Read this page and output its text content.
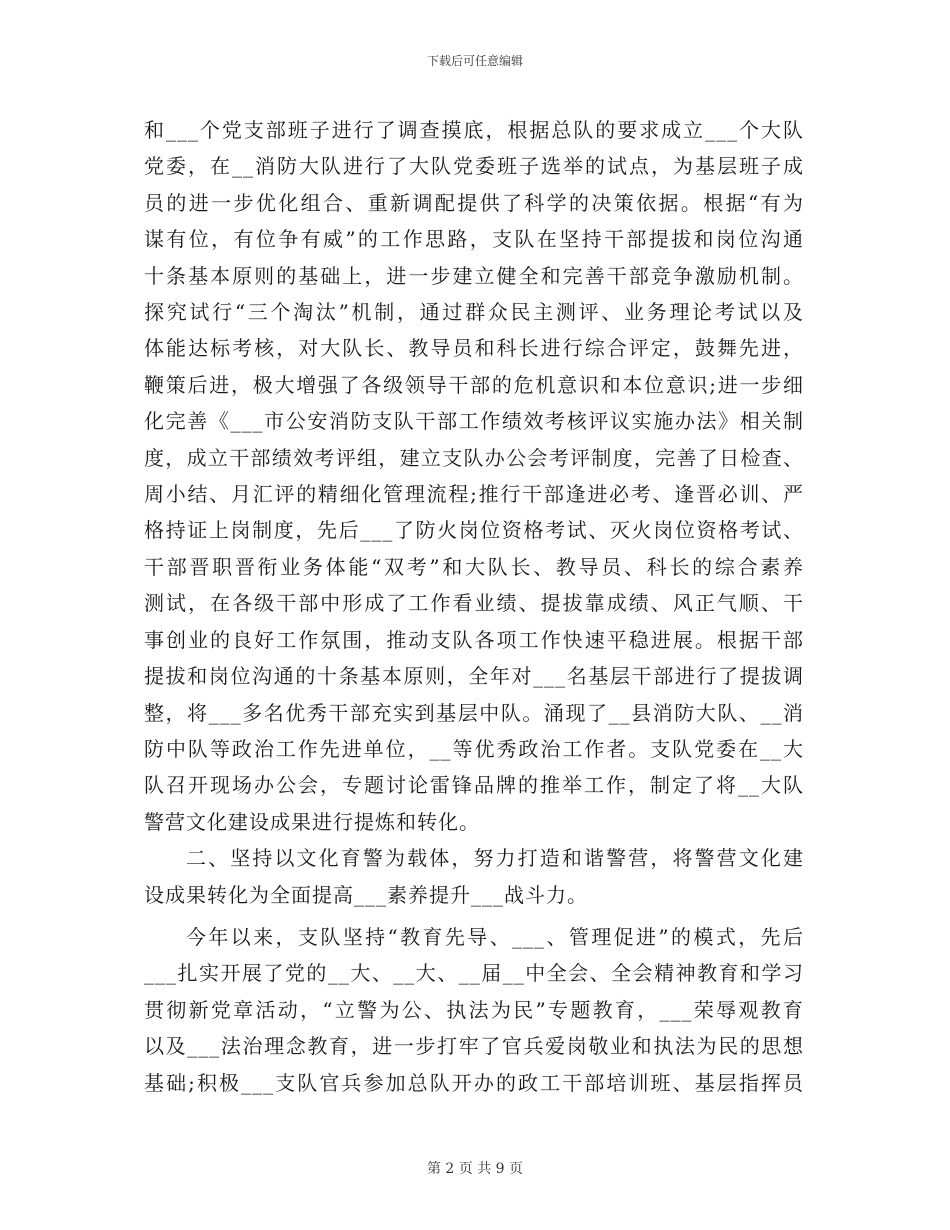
下载后可任意编辑

和___个党支部班子进行了调查摸底，根据总队的要求成立___个大队
党委，在__消防大队进行了大队党委班子选举的试点，为基层班子成
员的进一步优化组合、重新调配提供了科学的决策依据。根据“有为
谋有位，有位争有威”的工作思路，支队在坚持干部提拔和岗位沟通
十条基本原则的基础上，进一步建立健全和完善干部竞争激励机制。
探究试行“三个淘汰”机制，通过群众民主测评、业务理论考试以及
体能达标考核，对大队长、教导员和科长进行综合评定，鼓舞先进，
鞭策后进，极大增强了各级领导干部的危机意识和本位意识;进一步细
化完善《___市公安消防支队干部工作绩效考核评议实施办法》相关制
度，成立干部绩效考评组，建立支队办公会考评制度，完善了日检查、
周小结、月汇评的精细化管理流程;推行干部逢进必考、逢晋必训、严
格持证上岗制度，先后___了防火岗位资格考试、灭火岗位资格考试、
干部晋职晋衔业务体能“双考”和大队长、教导员、科长的综合素养
测试，在各级干部中形成了工作看业绩、提拔靠成绩、风正气顺、干
事创业的良好工作氛围，推动支队各项工作快速平稳进展。根据干部
提拔和岗位沟通的十条基本原则，全年对___名基层干部进行了提拔调
整，将___多名优秀干部充实到基层中队。涌现了__县消防大队、__消
防中队等政治工作先进单位，__等优秀政治工作者。支队党委在__大
队召开现场办公会，专题讨论雷锋品牌的推举工作，制定了将__大队
警营文化建设成果进行提炼和转化。

二、坚持以文化育警为载体，努力打造和谐警营，将警营文化建
设成果转化为全面提高___素养提升___战斗力。

今年以来，支队坚持“教育先导、___、管理促进”的模式，先后
___扎实开展了党的__大、__大、__届__中全会、全会精神教育和学习
贯彻新党章活动，“立警为公、执法为民”专题教育，___荣辱观教育
以及___法治理念教育，进一步打牢了官兵爱岗敬业和执法为民的思想
基础;积极___支队官兵参加总队开办的政工干部培训班、基层指挥员

第 2 页 共 9 页
